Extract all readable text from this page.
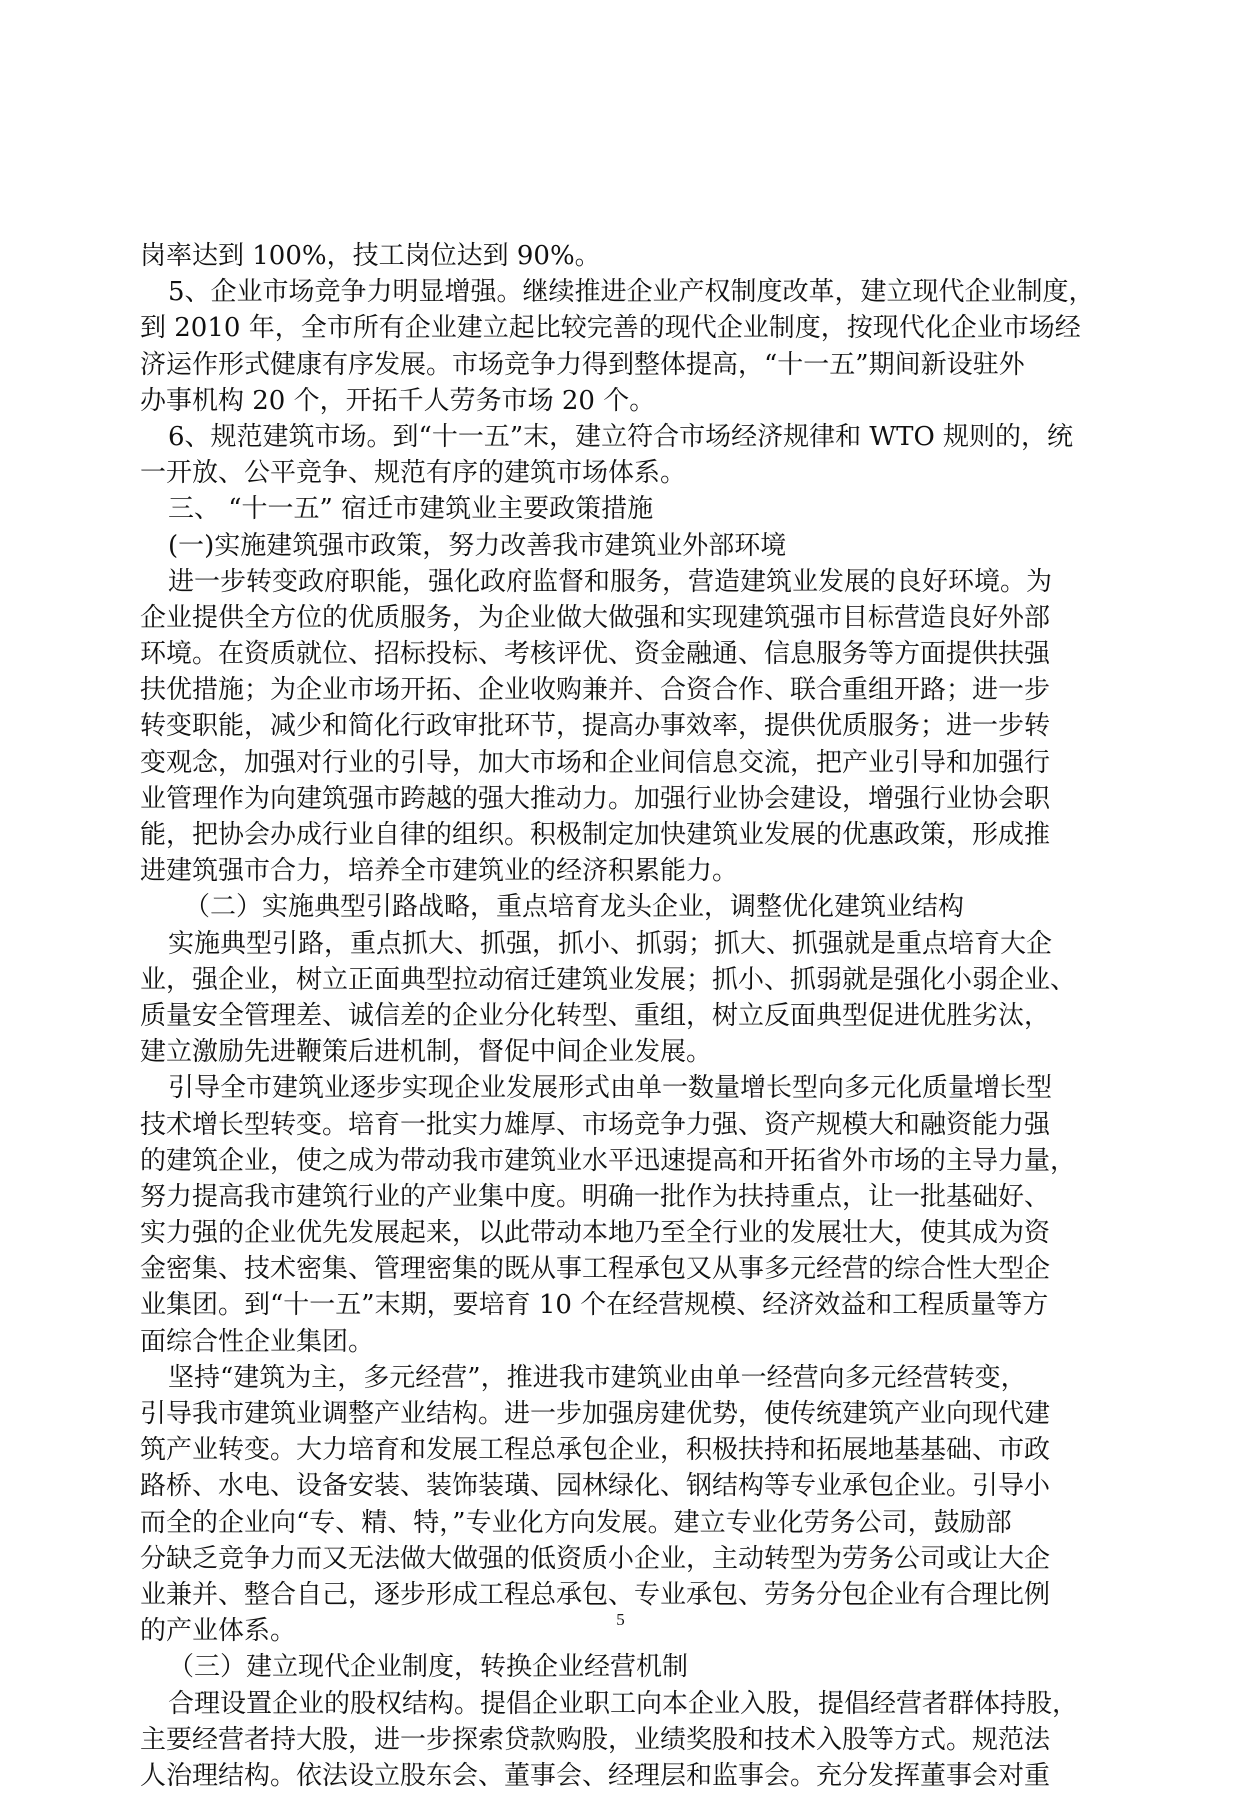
岗率达到 100%，技工岗位达到 90%。
5、企业市场竞争力明显增强。继续推进企业产权制度改革，建立现代企业制度，
到 2010 年，全市所有企业建立起比较完善的现代企业制度，按现代化企业市场经
济运作形式健康有序发展。市场竞争力得到整体提高，“十一五”期间新设驻外
办事机构 20 个，开拓千人劳务市场 20 个。
6、规范建筑市场。到“十一五”末，建立符合市场经济规律和 WTO 规则的，统
一开放、公平竞争、规范有序的建筑市场体系。
三、 “十一五” 宿迁市建筑业主要政策措施
(一)实施建筑强市政策，努力改善我市建筑业外部环境
进一步转变政府职能，强化政府监督和服务，营造建筑业发展的良好环境。为
企业提供全方位的优质服务，为企业做大做强和实现建筑强市目标营造良好外部
环境。在资质就位、招标投标、考核评优、资金融通、信息服务等方面提供扶强
扶优措施；为企业市场开拓、企业收购兼并、合资合作、联合重组开路；进一步
转变职能，减少和简化行政审批环节，提高办事效率，提供优质服务；进一步转
变观念，加强对行业的引导，加大市场和企业间信息交流，把产业引导和加强行
业管理作为向建筑强市跨越的强大推动力。加强行业协会建设，增强行业协会职
能，把协会办成行业自律的组织。积极制定加快建筑业发展的优惠政策，形成推
进建筑强市合力，培养全市建筑业的经济积累能力。
（二）实施典型引路战略，重点培育龙头企业，调整优化建筑业结构
实施典型引路，重点抓大、抓强，抓小、抓弱；抓大、抓强就是重点培育大企
业，强企业，树立正面典型拉动宿迁建筑业发展；抓小、抓弱就是强化小弱企业、
质量安全管理差、诚信差的企业分化转型、重组，树立反面典型促进优胜劣汰，
建立激励先进鞭策后进机制，督促中间企业发展。
引导全市建筑业逐步实现企业发展形式由单一数量增长型向多元化质量增长型
技术增长型转变。培育一批实力雄厚、市场竞争力强、资产规模大和融资能力强
的建筑企业，使之成为带动我市建筑业水平迅速提高和开拓省外市场的主导力量，
努力提高我市建筑行业的产业集中度。明确一批作为扶持重点，让一批基础好、
实力强的企业优先发展起来，以此带动本地乃至全行业的发展壮大，使其成为资
金密集、技术密集、管理密集的既从事工程承包又从事多元经营的综合性大型企
业集团。到“十一五”末期，要培育 10 个在经营规模、经济效益和工程质量等方
面综合性企业集团。
坚持“建筑为主，多元经营”，推进我市建筑业由单一经营向多元经营转变，
引导我市建筑业调整产业结构。进一步加强房建优势，使传统建筑产业向现代建
筑产业转变。大力培育和发展工程总承包企业，积极扶持和拓展地基基础、市政
路桥、水电、设备安装、装饰装璜、园林绿化、钢结构等专业承包企业。引导小
而全的企业向“专、精、特，”专业化方向发展。建立专业化劳务公司，鼓励部
分缺乏竞争力而又无法做大做强的低资质小企业，主动转型为劳务公司或让大企
业兼并、整合自己，逐步形成工程总承包、专业承包、劳务分包企业有合理比例
的产业体系。
（三）建立现代企业制度，转换企业经营机制
合理设置企业的股权结构。提倡企业职工向本企业入股，提倡经营者群体持股，
主要经营者持大股，进一步探索贷款购股，业绩奖股和技术入股等方式。规范法
人治理结构。依法设立股东会、董事会、经理层和监事会。充分发挥董事会对重
5
